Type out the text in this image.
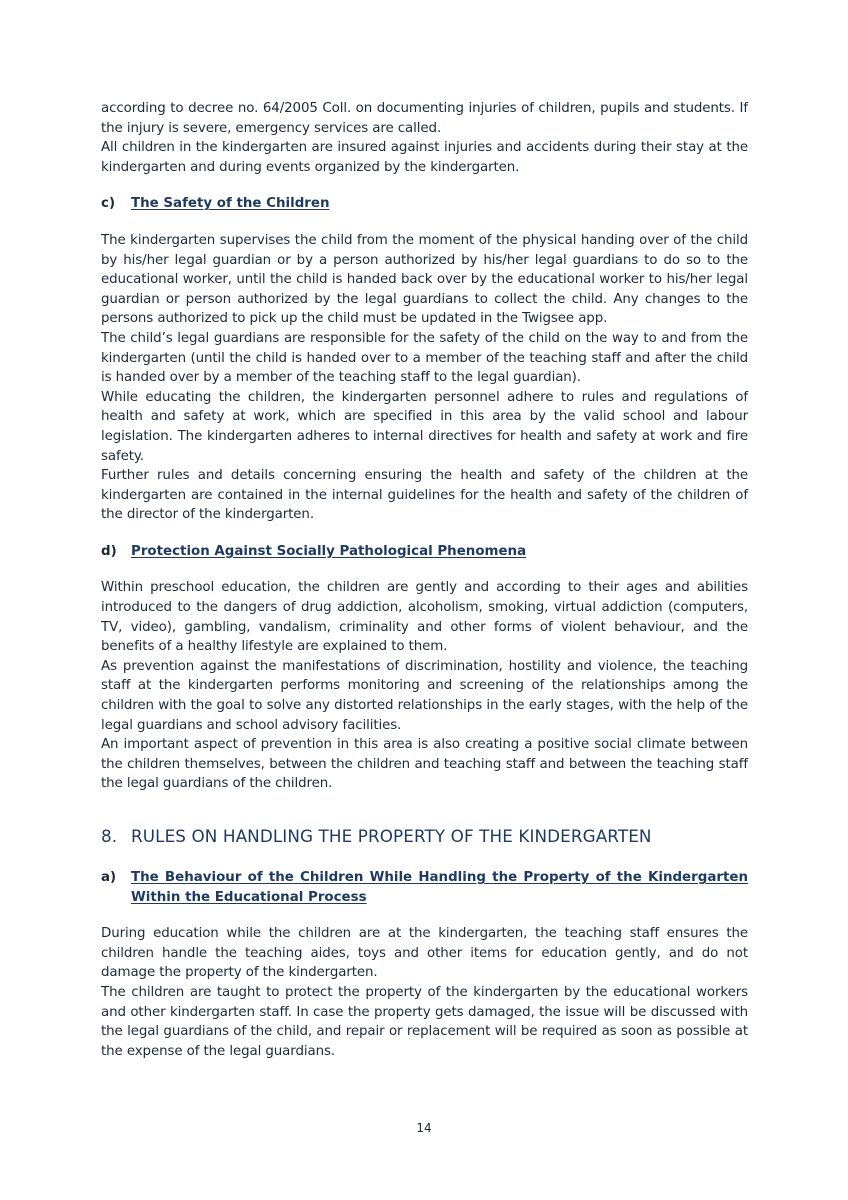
according to decree no. 64/2005 Coll. on documenting injuries of children, pupils and students. If the injury is severe, emergency services are called.

All children in the kindergarten are insured against injuries and accidents during their stay at the kindergarten and during events organized by the kindergarten.

c)	The Safety of the Children

The kindergarten supervises the child from the moment of the physical handing over of the child by his/her legal guardian or by a person authorized by his/her legal guardians to do so to the educational worker, until the child is handed back over by the educational worker to his/her legal guardian or person authorized by the legal guardians to collect the child. Any changes to the persons authorized to pick up the child must be updated in the Twigsee app.

The child’s legal guardians are responsible for the safety of the child on the way to and from the kindergarten (until the child is handed over to a member of the teaching staff and after the child is handed over by a member of the teaching staff to the legal guardian).

While educating the children, the kindergarten personnel adhere to rules and regulations of health and safety at work, which are specified in this area by the valid school and labour legislation. The kindergarten adheres to internal directives for health and safety at work and fire safety.

Further rules and details concerning ensuring the health and safety of the children at the kindergarten are contained in the internal guidelines for the health and safety of the children of the director of the kindergarten.

d)	Protection Against Socially Pathological Phenomena

Within preschool education, the children are gently and according to their ages and abilities introduced to the dangers of drug addiction, alcoholism, smoking, virtual addiction (computers, TV, video), gambling, vandalism, criminality and other forms of violent behaviour, and the benefits of a healthy lifestyle are explained to them.

As prevention against the manifestations of discrimination, hostility and violence, the teaching staff at the kindergarten performs monitoring and screening of the relationships among the children with the goal to solve any distorted relationships in the early stages, with the help of the legal guardians and school advisory facilities.

An important aspect of prevention in this area is also creating a positive social climate between the children themselves, between the children and teaching staff and between the teaching staff the legal guardians of the children.

8. RULES ON HANDLING THE PROPERTY OF THE KINDERGARTEN
a)	The Behaviour of the Children While Handling the Property of the Kindergarten Within the Educational Process

During education while the children are at the kindergarten, the teaching staff ensures the children handle the teaching aides, toys and other items for education gently, and do not damage the property of the kindergarten.

The children are taught to protect the property of the kindergarten by the educational workers and other kindergarten staff. In case the property gets damaged, the issue will be discussed with the legal guardians of the child, and repair or replacement will be required as soon as possible at the expense of the legal guardians.

14
